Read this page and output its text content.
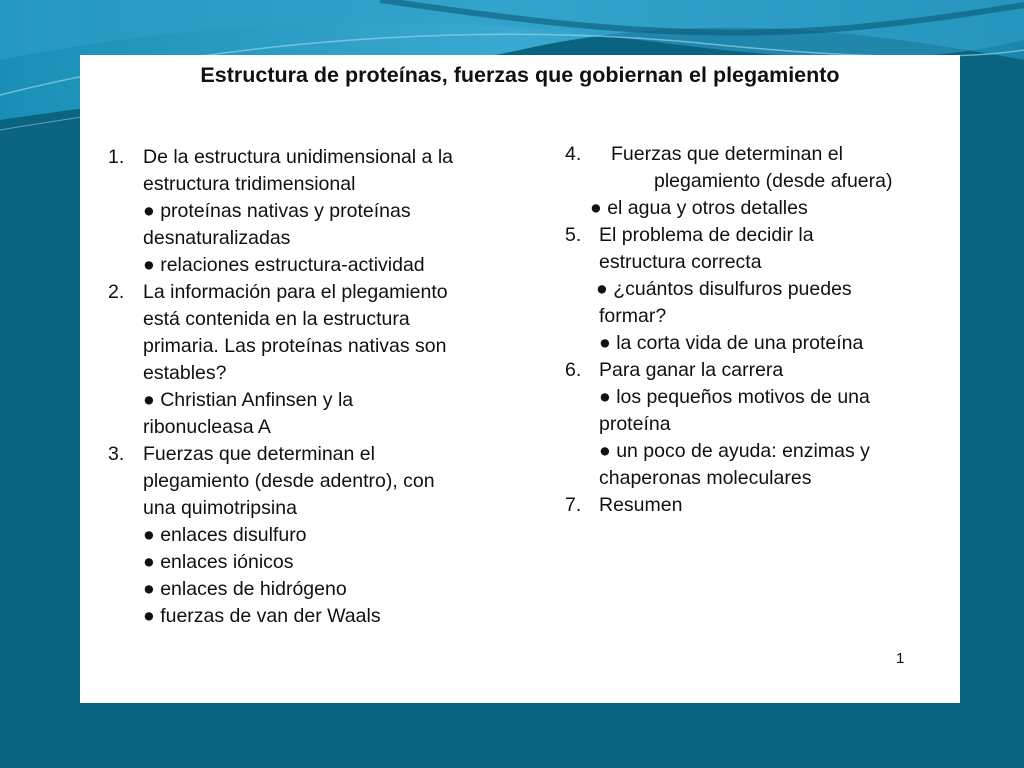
Estructura de proteínas, fuerzas que gobiernan el plegamiento
1. De la estructura unidimensional a la
estructura tridimensional
● proteínas nativas y proteínas
desnaturalizadas
● relaciones estructura-actividad
2. La información para el plegamiento
está contenida en la estructura
primaria. Las proteínas nativas son
estables?
● Christian Anfinsen y la
ribonucleasa A
3. Fuerzas que determinan el
plegamiento (desde adentro), con
una quimotripsina
● enlaces disulfuro
● enlaces iónicos
● enlaces de hidrógeno
● fuerzas de van der Waals
4. Fuerzas que determinan el
plegamiento (desde afuera)
● el agua y otros detalles
5. El problema de decidir la
estructura correcta
● ¿cuántos disulfuros puedes
formar?
● la corta vida de una proteína
6. Para ganar la carrera
● los pequeños motivos de una
proteína
● un poco de ayuda: enzimas y
chaperonas moleculares
7. Resumen
1
